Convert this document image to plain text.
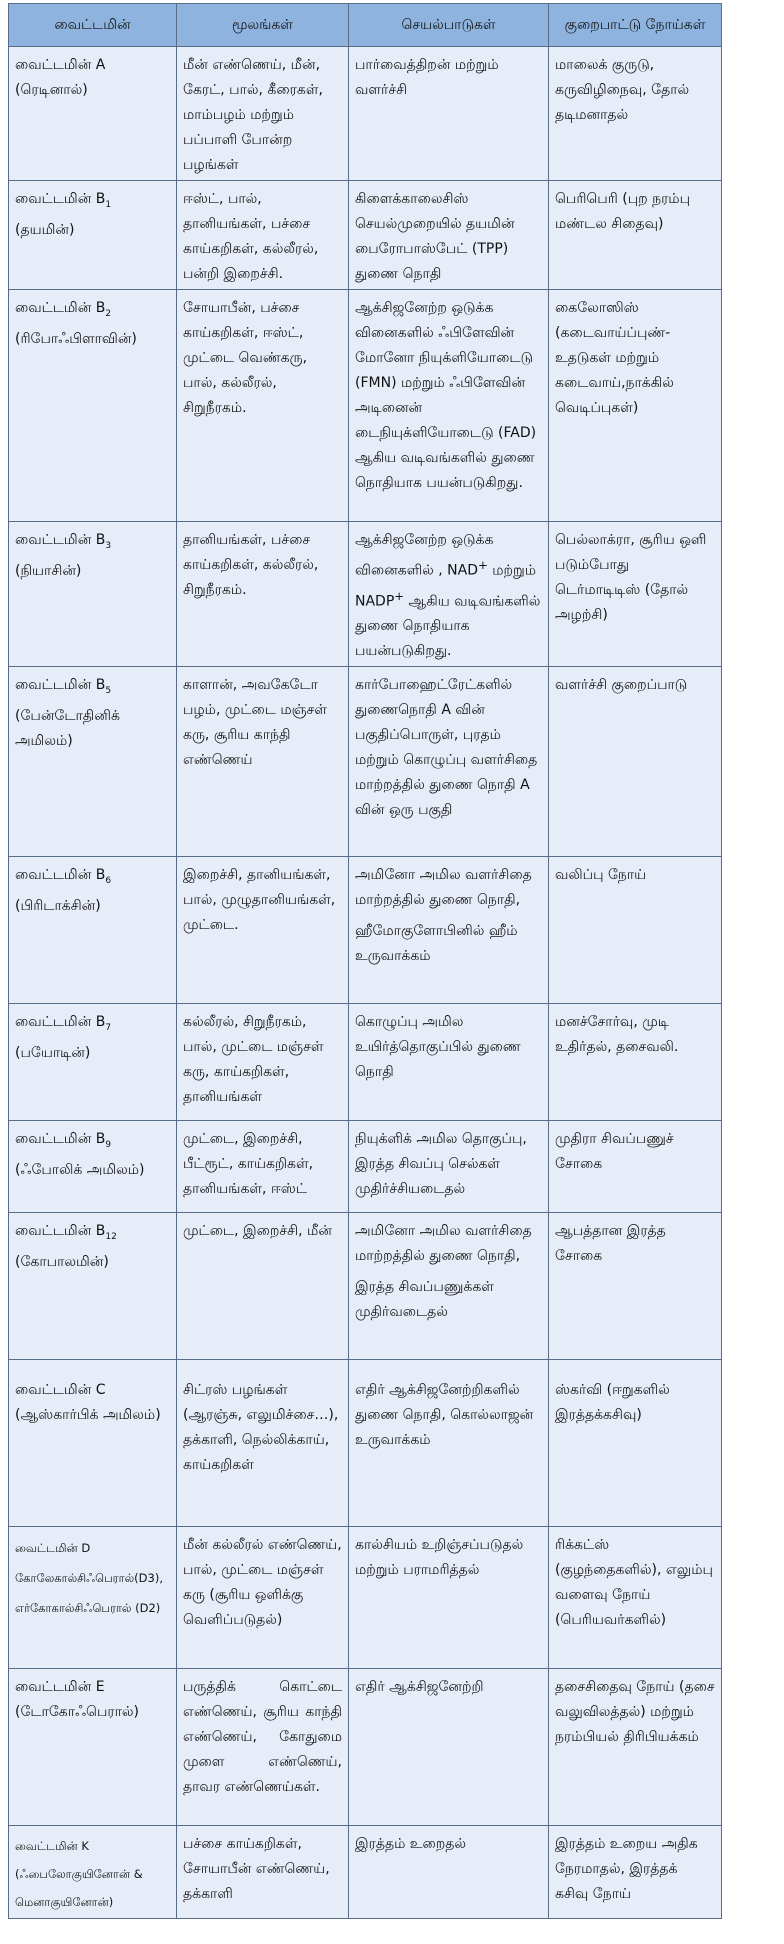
வைட்டமின்	மூலங்கள்	செயல்பாடுகள்	குறைபாட்டு நோய்கள்

வைட்டமின் A
(ரெடினால்)	மீன் எண்ணெய், மீன், கேரட், பால், கீரைகள், மாம்பழம் மற்றும் பப்பாளி போன்ற பழங்கள்	பார்வைத்திறன் மற்றும் வளர்ச்சி	மாலைக் குருடு, கருவிழிநைவு, தோல் தடிமனாதல்

வைட்டமின் $B_1$
(தயமின்)	ஈஸ்ட், பால், தானியங்கள், பச்சை காய்கறிகள், கல்லீரல், பன்றி இறைச்சி.	கிளைக்காலைசிஸ் செயல்முறையில் தயமின் பைரோபாஸ்பேட் (TPP) துணை நொதி	பெரிபெரி (புற நரம்பு மண்டல சிதைவு)

வைட்டமின் $B_2$
(ரிபோஃபிளாவின்)	சோயாபீன், பச்சை காய்கறிகள், ஈஸ்ட், முட்டை வெண்கரு, பால், கல்லீரல், சிறுநீரகம்.	ஆக்சிஜனேற்ற ஒடுக்க வினைகளில் ஃபிளேவின் மோனோ நியுக்ளியோடைடு (FMN) மற்றும் ஃபிளேவின் அடினைன் டைநியுக்ளியோடைடு (FAD) ஆகிய வடிவங்களில் துணை நொதியாக பயன்படுகிறது.	கைலோஸிஸ் (கடைவாய்ப்புண்- உதடுகள் மற்றும் கடைவாய்,நாக்கில் வெடிப்புகள்)

வைட்டமின் $B_3$
(நியாசின்)	தானியங்கள், பச்சை காய்கறிகள், கல்லீரல், சிறுநீரகம்.	ஆக்சிஜனேற்ற ஒடுக்க வினைகளில் , NAD+ மற்றும் NADP+ ஆகிய வடிவங்களில் துணை நொதியாக பயன்படுகிறது.	பெல்லாக்ரா, சூரிய ஒளி படும்போது டெர்மாடிடிஸ் (தோல் அழற்சி)

வைட்டமின் $B_5$
(பேன்டோதினிக் அமிலம்)	காளான், அவகேடோ பழம், முட்டை மஞ்சள் கரு, சூரிய காந்தி எண்ணெய்	கார்போஹைட்ரேட்களில் துணைநொதி A வின் பகுதிப்பொருள், புரதம் மற்றும் கொழுப்பு வளர்சிதை மாற்றத்தில் துணை நொதி A வின் ஒரு பகுதி	வளர்ச்சி குறைப்பாடு

வைட்டமின் $B_6$
(பிரிடாக்சின்)	இறைச்சி, தானியங்கள், பால், முழுதானியங்கள், முட்டை.	அமினோ அமில வளர்சிதை மாற்றத்தில் துணை நொதி,
ஹீமோகுளோபினில் ஹீம் உருவாக்கம்	வலிப்பு நோய்

வைட்டமின் $B_7$
(பயோடின்)	கல்லீரல், சிறுநீரகம், பால், முட்டை மஞ்சள் கரு, காய்கறிகள், தானியங்கள்	கொழுப்பு அமில உயிர்த்தொகுப்பில் துணை நொதி	மனச்சோர்வு, முடி உதிர்தல், தசைவலி.

வைட்டமின் $B_9$
(ஃபோலிக் அமிலம்)	முட்டை, இறைச்சி, பீட்ரூட், காய்கறிகள், தானியங்கள், ஈஸ்ட்	நியுக்ளிக் அமில தொகுப்பு, இரத்த சிவப்பு செல்கள் முதிர்ச்சியடைதல்	முதிரா சிவப்பணுச் சோகை

வைட்டமின் $B_{12}$
(கோபாலமின்)	முட்டை, இறைச்சி, மீன்	அமினோ அமில வளர்சிதை மாற்றத்தில் துணை நொதி,
இரத்த சிவப்பணுக்கள் முதிர்வடைதல்	ஆபத்தான இரத்த சோகை

வைட்டமின் C
(ஆஸ்கார்பிக் அமிலம்)	சிட்ரஸ் பழங்கள் (ஆரஞ்சு, எலுமிச்சை…), தக்காளி, நெல்லிக்காய், காய்கறிகள்	எதிர் ஆக்சிஜனேற்றிகளில் துணை நொதி, கொல்லாஜன் உருவாக்கம்	ஸ்கர்வி (ஈறுகளில் இரத்தக்கசிவு)

வைட்டமின் D
கோலேகால்சிஃபெரால்(D3), எர்கோகால்சிஃபெரால் (D2)	மீன் கல்லீரல் எண்ணெய், பால், முட்டை மஞ்சள் கரு (சூரிய ஒளிக்கு வெளிப்படுதல்)	கால்சியம் உறிஞ்சப்படுதல் மற்றும் பராமரித்தல்	ரிக்கட்ஸ் (குழந்தைகளில்), எலும்பு வளைவு நோய் (பெரியவர்களில்)

வைட்டமின் E
(டோகோஃபெரால்)	பருத்திக் கொட்டை எண்ணெய், சூரிய காந்தி எண்ணெய், கோதுமை முளை எண்ணெய், தாவர எண்ணெய்கள்.	எதிர் ஆக்சிஜனேற்றி	தசைசிதைவு நோய் (தசை வலுவிலத்தல்) மற்றும் நரம்பியல் திரிபியக்கம்

வைட்டமின் K
(ஃபைலோகுயினோன் & மெனாகுயினோன்)	பச்சை காய்கறிகள், சோயாபீன் எண்ணெய், தக்காளி	இரத்தம் உறைதல்	இரத்தம் உறைய அதிக நேரமாதல், இரத்தக் கசிவு நோய்
